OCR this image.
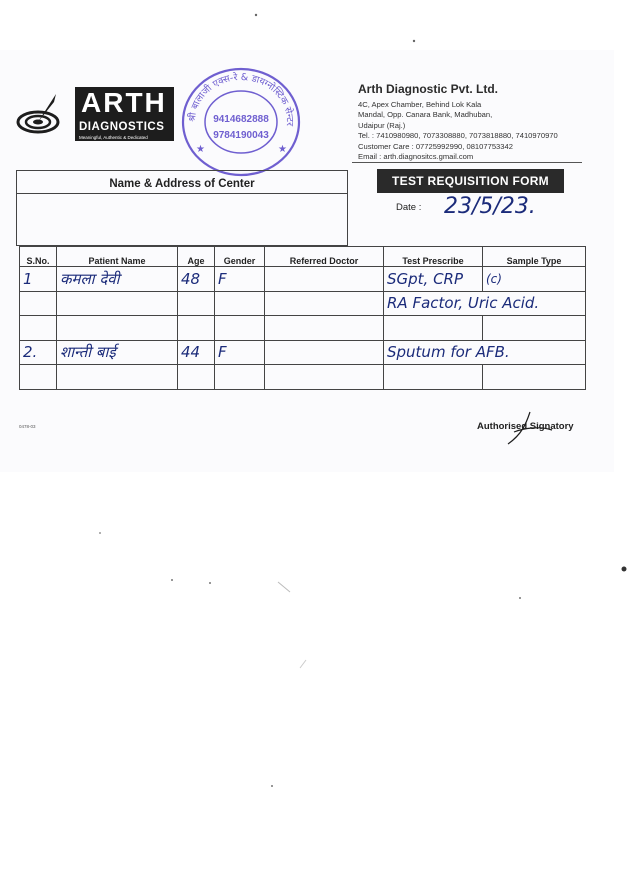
ARTH
DIAGNOSTICS
Meaningful, Authentic & Dedicated
श्री बालाजी एक्स-रे & डायग्नोस्टिक सेन्टर
9414682888
9784190043
★	★
Arth Diagnostic Pvt. Ltd.
4C, Apex Chamber, Behind Lok Kala
Mandal, Opp. Canara Bank, Madhuban,
Udaipur (Raj.)
Tel. : 7410980980, 7073308880, 7073818880, 7410970970
Customer Care : 07725992990, 08107753342
Email : arth.diagnositcs.gmail.com
Name & Address of Center	TEST REQUISITION FORM
Date : 23/5/23.
S.No.	Patient Name	Age	Gender	Referred Doctor	Test Prescribe	Sample Type
1	कमला देवी	48	F		SGpt, CRP	(c)
					RA Factor, Uric Acid.	

2.	शान्ती बाई	44	F		Sputum for AFB.	

0478-03	Authorised Signatory
